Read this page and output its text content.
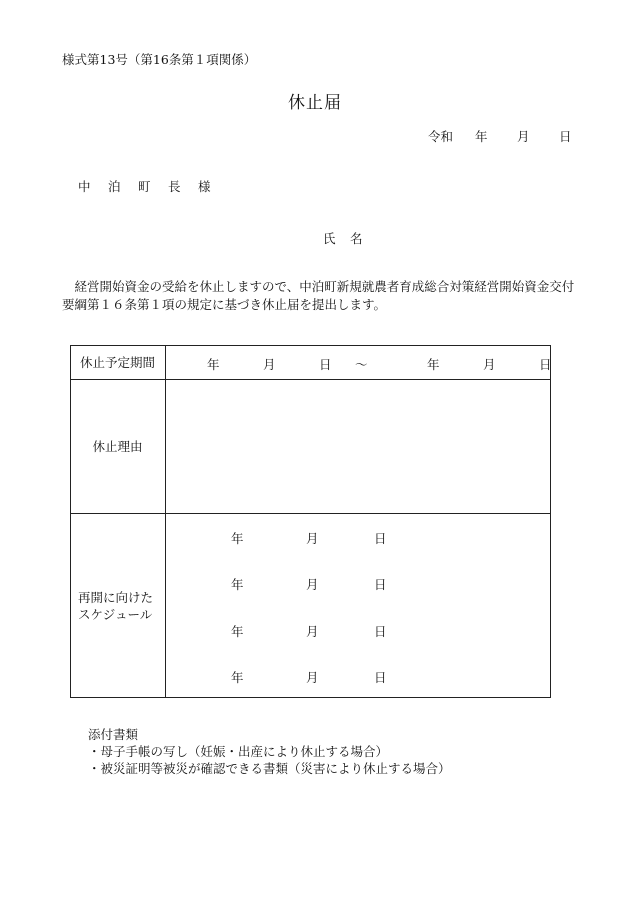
様式第13号（第16条第１項関係）
休止届
令和 年 月 日
中 泊 町 長 様
氏 名
経営開始資金の受給を休止しますので、中泊町新規就農者育成総合対策経営開始資金交付要綱第１６条第１項の規定に基づき休止届を提出します。
休止予定期間	年	月	日 ～	年	月	日
休止理由
再開に向けたスケジュール
年	月	日
年	月	日
年	月	日
年	月	日
添付書類
・母子手帳の写し（妊娠・出産により休止する場合）
・被災証明等被災が確認できる書類（災害により休止する場合）
